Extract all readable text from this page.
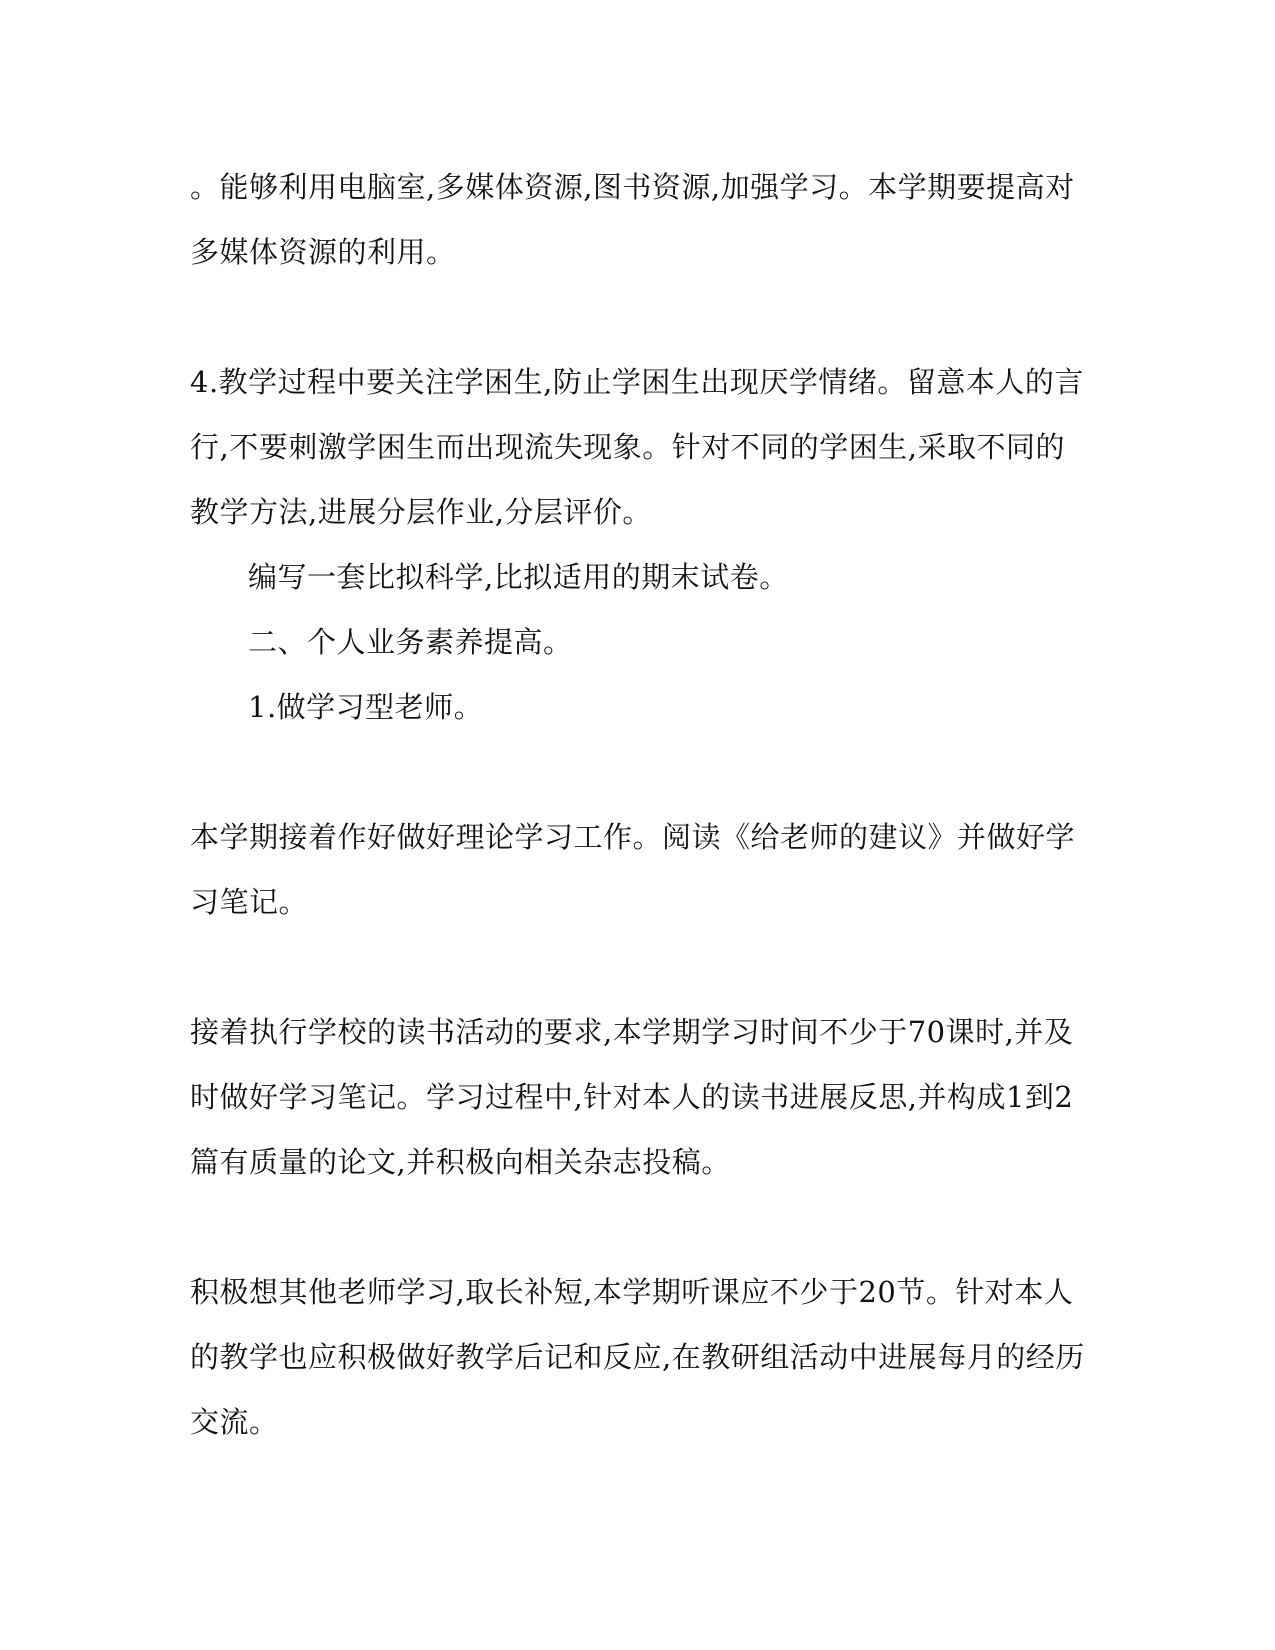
。能够利用电脑室,多媒体资源,图书资源,加强学习。本学期要提高对
多媒体资源的利用。
4.教学过程中要关注学困生,防止学困生出现厌学情绪。留意本人的言
行,不要刺激学困生而出现流失现象。针对不同的学困生,采取不同的
教学方法,进展分层作业,分层评价。
编写一套比拟科学,比拟适用的期末试卷。
二、个人业务素养提高。
1.做学习型老师。
本学期接着作好做好理论学习工作。阅读《给老师的建议》并做好学
习笔记。
接着执行学校的读书活动的要求,本学期学习时间不少于70课时,并及
时做好学习笔记。学习过程中,针对本人的读书进展反思,并构成1到2
篇有质量的论文,并积极向相关杂志投稿。
积极想其他老师学习,取长补短,本学期听课应不少于20节。针对本人
的教学也应积极做好教学后记和反应,在教研组活动中进展每月的经历
交流。
